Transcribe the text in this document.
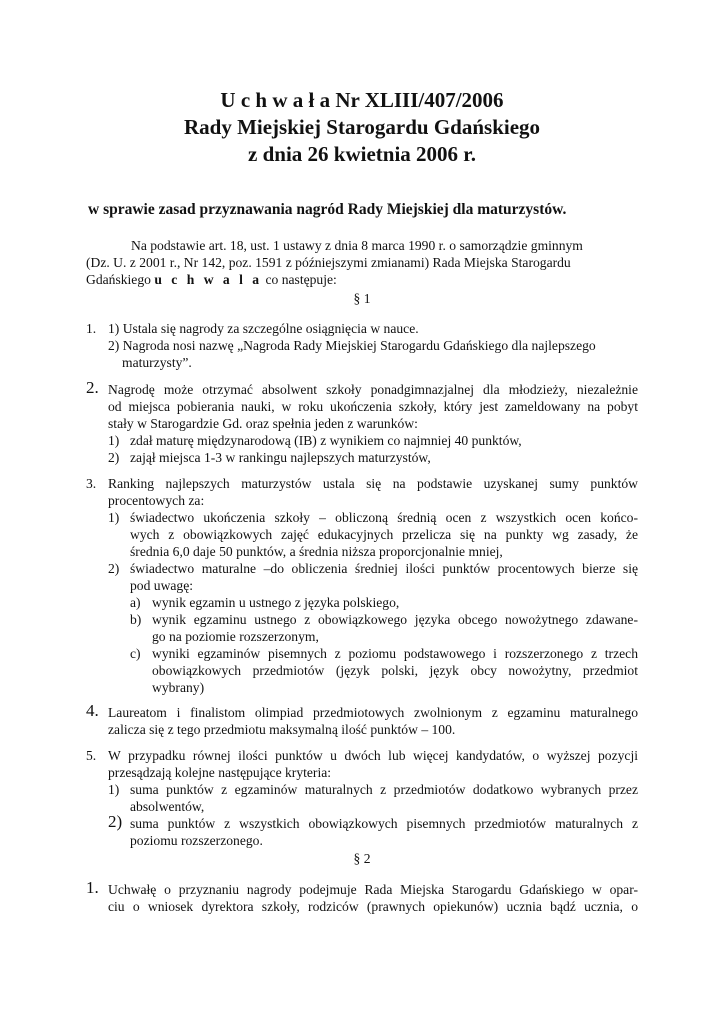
U c h w a ł a Nr XLIII/407/2006

Rady Miejskiej Starogardu Gdańskiego

z dnia 26 kwietnia 2006 r.

w sprawie zasad przyznawania nagród Rady Miejskiej dla maturzystów.

Na podstawie art. 18, ust. 1 ustawy z dnia 8 marca 1990 r. o samorządzie gminnym

(Dz. U. z 2001 r., Nr 142, poz. 1591 z późniejszymi zmianami) Rada Miejska Starogardu

Gdańskiego u c h w a l a co następuje:

§ 1

1. 1) Ustala się nagrody za szczególne osiągnięcia w nauce.

2) Nagroda nosi nazwę „Nagroda Rady Miejskiej Starogardu Gdańskiego dla najlepszego

maturzysty”.

2. Nagrodę może otrzymać absolwent szkoły ponadgimnazjalnej dla młodzieży, niezależnie

od miejsca pobierania nauki, w roku ukończenia szkoły, który jest zameldowany na pobyt

stały w Starogardzie Gd. oraz spełnia jeden z warunków:

1) zdał maturę międzynarodową (IB) z wynikiem co najmniej 40 punktów,

2) zajął miejsca 1-3 w rankingu najlepszych maturzystów,

3. Ranking najlepszych maturzystów ustala się na podstawie uzyskanej sumy punktów

procentowych za:

1) świadectwo ukończenia szkoły – obliczoną średnią ocen z wszystkich ocen końco-

wych z obowiązkowych zajęć edukacyjnych przelicza się na punkty wg zasady, że

średnia 6,0 daje 50 punktów, a średnia niższa proporcjonalnie mniej,

2) świadectwo maturalne –do obliczenia średniej ilości punktów procentowych bierze się

pod uwagę:

a) wynik egzamin u ustnego z języka polskiego,

b) wynik egzaminu ustnego z obowiązkowego języka obcego nowożytnego zdawane-

go na poziomie rozszerzonym,

c) wyniki egzaminów pisemnych z poziomu podstawowego i rozszerzonego z trzech

obowiązkowych przedmiotów (język polski, język obcy nowożytny, przedmiot

wybrany)

4. Laureatom i finalistom olimpiad przedmiotowych zwolnionym z egzaminu maturalnego

zalicza się z tego przedmiotu maksymalną ilość punktów – 100.

5. W przypadku równej ilości punktów u dwóch lub więcej kandydatów, o wyższej pozycji

przesądzają kolejne następujące kryteria:

1) suma punktów z egzaminów maturalnych z przedmiotów dodatkowo wybranych przez

absolwentów,

2) suma punktów z wszystkich obowiązkowych pisemnych przedmiotów maturalnych z

poziomu rozszerzonego.

§ 2

1. Uchwałę o przyznaniu nagrody podejmuje Rada Miejska Starogardu Gdańskiego w opar-

ciu o wniosek dyrektora szkoły, rodziców (prawnych opiekunów) ucznia bądź ucznia, o
